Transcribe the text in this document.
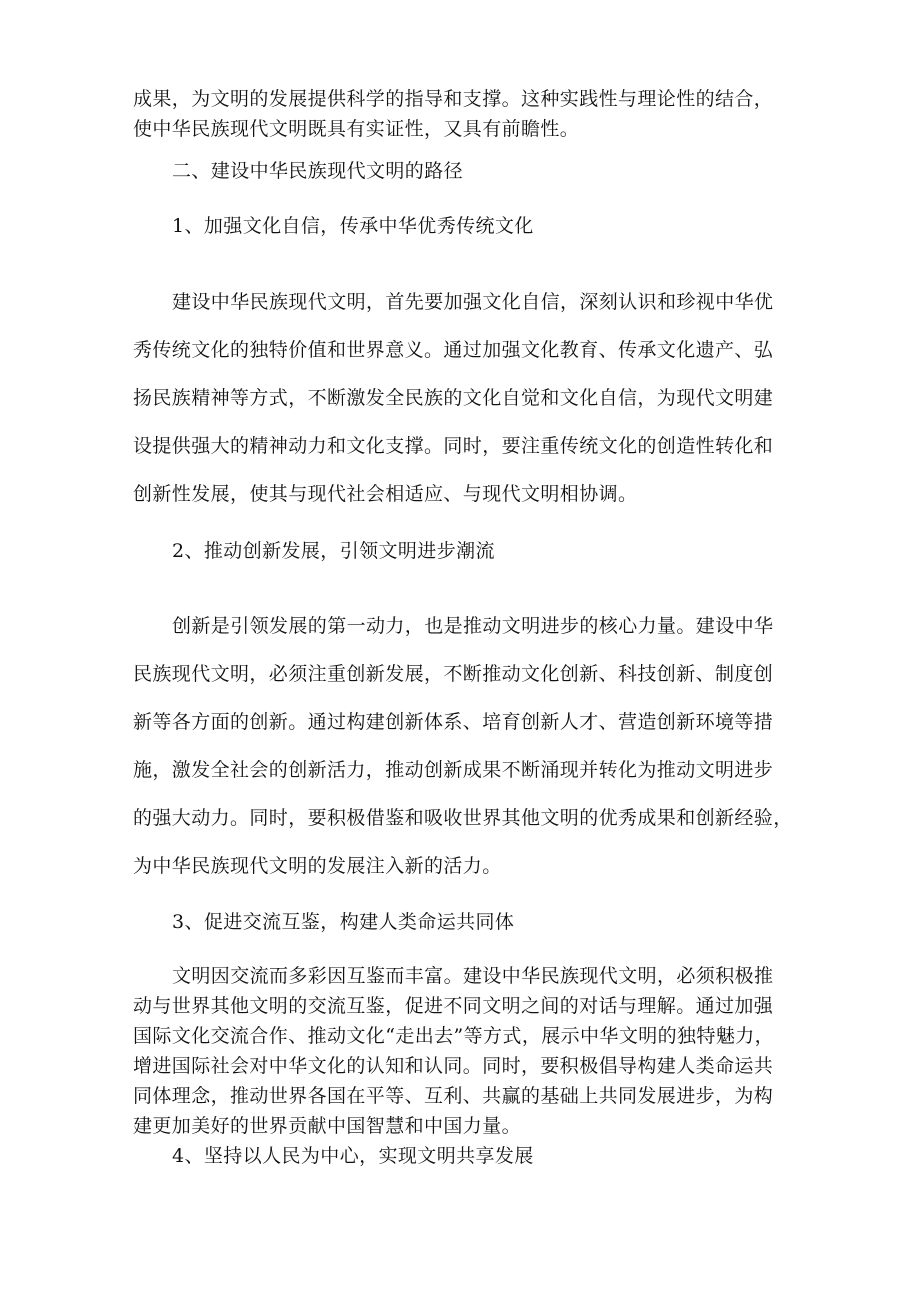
成果，为文明的发展提供科学的指导和支撑。这种实践性与理论性的结合，
使中华民族现代文明既具有实证性，又具有前瞻性。
二、建设中华民族现代文明的路径
1、加强文化自信，传承中华优秀传统文化
建设中华民族现代文明，首先要加强文化自信，深刻认识和珍视中华优
秀传统文化的独特价值和世界意义。通过加强文化教育、传承文化遗产、弘
扬民族精神等方式，不断激发全民族的文化自觉和文化自信，为现代文明建
设提供强大的精神动力和文化支撑。同时，要注重传统文化的创造性转化和
创新性发展，使其与现代社会相适应、与现代文明相协调。
2、推动创新发展，引领文明进步潮流
创新是引领发展的第一动力，也是推动文明进步的核心力量。建设中华
民族现代文明，必须注重创新发展，不断推动文化创新、科技创新、制度创
新等各方面的创新。通过构建创新体系、培育创新人才、营造创新环境等措
施，激发全社会的创新活力，推动创新成果不断涌现并转化为推动文明进步
的强大动力。同时，要积极借鉴和吸收世界其他文明的优秀成果和创新经验，
为中华民族现代文明的发展注入新的活力。
3、促进交流互鉴，构建人类命运共同体
文明因交流而多彩因互鉴而丰富。建设中华民族现代文明，必须积极推
动与世界其他文明的交流互鉴，促进不同文明之间的对话与理解。通过加强
国际文化交流合作、推动文化“走出去”等方式，展示中华文明的独特魅力，
增进国际社会对中华文化的认知和认同。同时，要积极倡导构建人类命运共
同体理念，推动世界各国在平等、互利、共赢的基础上共同发展进步，为构
建更加美好的世界贡献中国智慧和中国力量。
4、坚持以人民为中心，实现文明共享发展
